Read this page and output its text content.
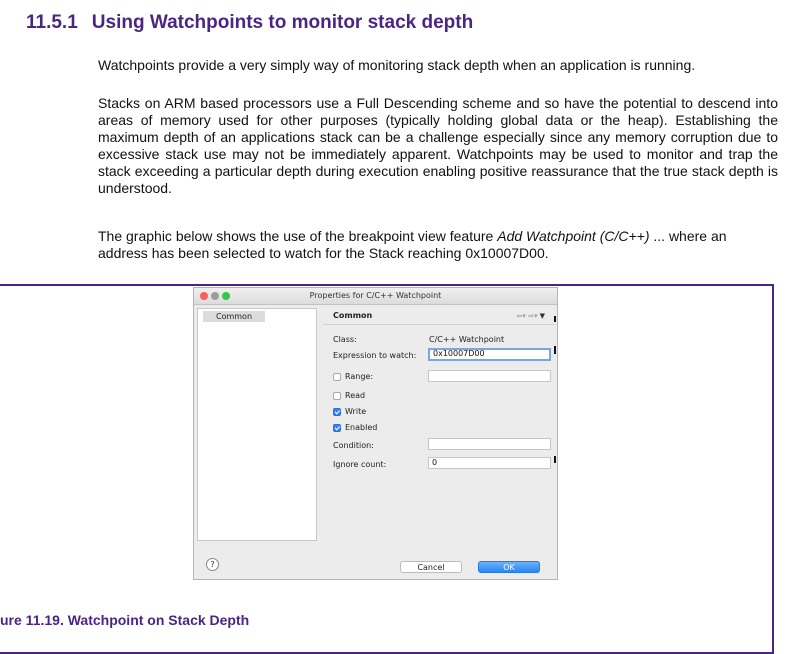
11.5.1 Using Watchpoints to monitor stack depth
Watchpoints provide a very simply way of monitoring stack depth when an application is running.
Stacks on ARM based processors use a Full Descending scheme and so have the potential to descend into areas of memory used for other purposes (typically holding global data or the heap). Establishing the maximum depth of an applications stack can be a challenge especially since any memory corruption due to excessive stack use may not be immediately apparent. Watchpoints may be used to monitor and trap the stack exceeding a particular depth during execution enabling positive reassurance that the true stack depth is understood.
The graphic below shows the use of the breakpoint view feature Add Watchpoint (C/C++) ... where an address has been selected to watch for the Stack reaching 0x10007D00.
Properties for C/C++ Watchpoint
Common	Common	⇦▾ ⇨▾ ▼
Class:	C/C++ Watchpoint
Expression to watch:	0x10007D00
Range:
Read
Write
Enabled
Condition:
Ignore count:	0
?	Cancel	OK
ure 11.19. Watchpoint on Stack Depth
